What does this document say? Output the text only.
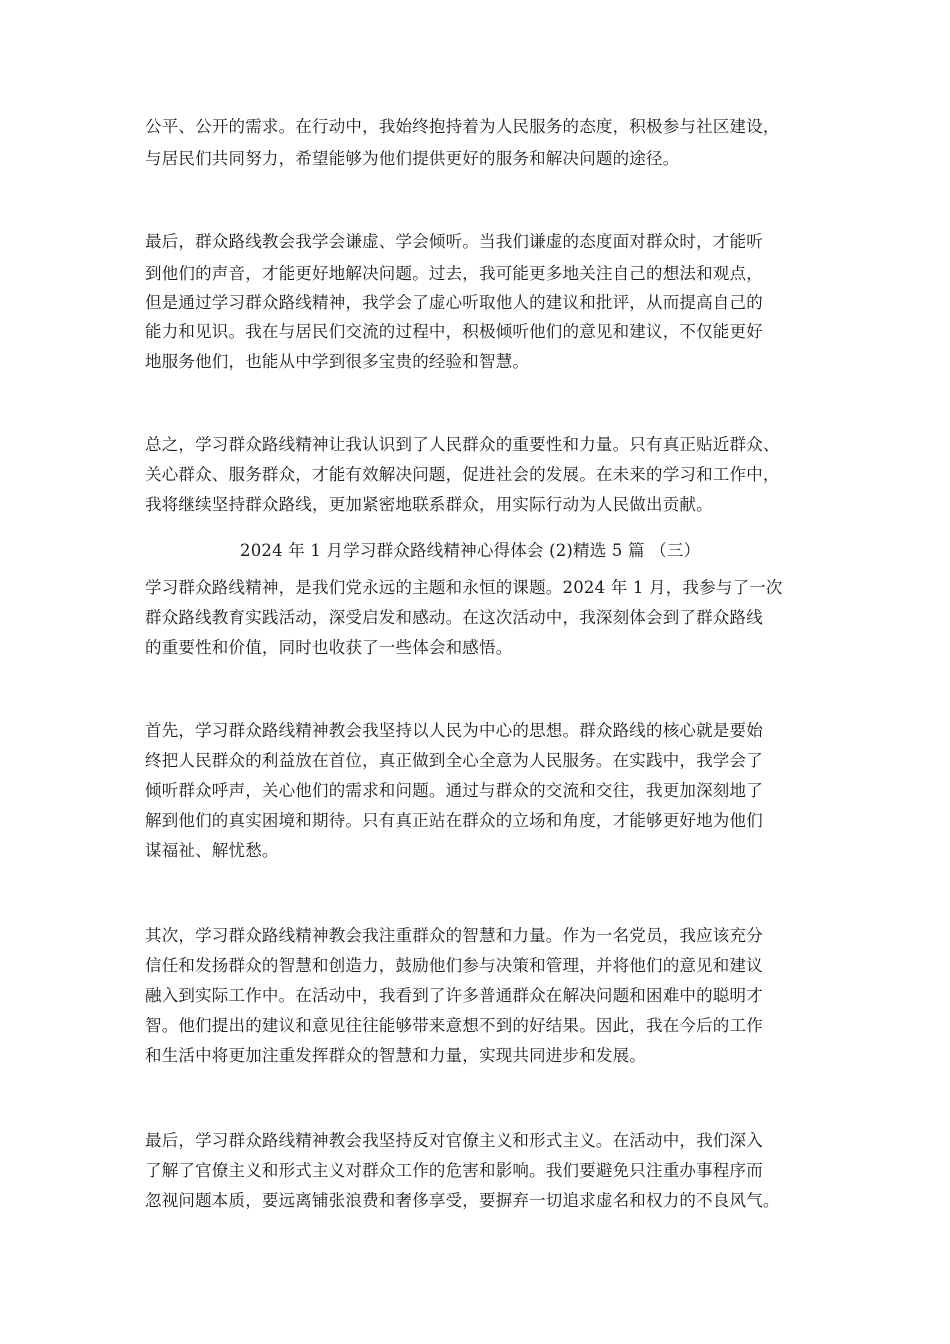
公平、公开的需求。在行动中，我始终抱持着为人民服务的态度，积极参与社区建设，
与居民们共同努力，希望能够为他们提供更好的服务和解决问题的途径。
最后，群众路线教会我学会谦虚、学会倾听。当我们谦虚的态度面对群众时，才能听
到他们的声音，才能更好地解决问题。过去，我可能更多地关注自己的想法和观点，
但是通过学习群众路线精神，我学会了虚心听取他人的建议和批评，从而提高自己的
能力和见识。我在与居民们交流的过程中，积极倾听他们的意见和建议，不仅能更好
地服务他们，也能从中学到很多宝贵的经验和智慧。
总之，学习群众路线精神让我认识到了人民群众的重要性和力量。只有真正贴近群众、
关心群众、服务群众，才能有效解决问题，促进社会的发展。在未来的学习和工作中，
我将继续坚持群众路线，更加紧密地联系群众，用实际行动为人民做出贡献。
2024 年 1 月学习群众路线精神心得体会 (2)精选 5 篇 （三）
学习群众路线精神，是我们党永远的主题和永恒的课题。2024 年 1 月，我参与了一次
群众路线教育实践活动，深受启发和感动。在这次活动中，我深刻体会到了群众路线
的重要性和价值，同时也收获了一些体会和感悟。
首先，学习群众路线精神教会我坚持以人民为中心的思想。群众路线的核心就是要始
终把人民群众的利益放在首位，真正做到全心全意为人民服务。在实践中，我学会了
倾听群众呼声，关心他们的需求和问题。通过与群众的交流和交往，我更加深刻地了
解到他们的真实困境和期待。只有真正站在群众的立场和角度，才能够更好地为他们
谋福祉、解忧愁。
其次，学习群众路线精神教会我注重群众的智慧和力量。作为一名党员，我应该充分
信任和发扬群众的智慧和创造力，鼓励他们参与决策和管理，并将他们的意见和建议
融入到实际工作中。在活动中，我看到了许多普通群众在解决问题和困难中的聪明才
智。他们提出的建议和意见往往能够带来意想不到的好结果。因此，我在今后的工作
和生活中将更加注重发挥群众的智慧和力量，实现共同进步和发展。
最后，学习群众路线精神教会我坚持反对官僚主义和形式主义。在活动中，我们深入
了解了官僚主义和形式主义对群众工作的危害和影响。我们要避免只注重办事程序而
忽视问题本质，要远离铺张浪费和奢侈享受，要摒弃一切追求虚名和权力的不良风气。
